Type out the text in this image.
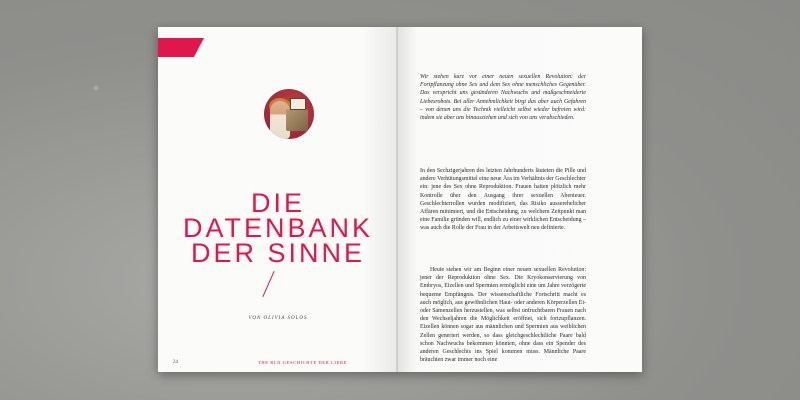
DIE
DATENBANK
DER SINNE
VON OLIVIA SOLOS
24	THE BLN GESCHICHTE DER LIEBE

Wir stehen kurz vor einer neuen sexuellen Revolution: der Fortpflanzung ohne Sex und dem Sex ohne menschliches Gegenüber. Das verspricht uns gesünderen Nachwuchs und maßgeschneiderte Liebesrobots. Bei aller Annehmlichkeit birgt das aber auch Gefahren – von denen uns die Technik vielleicht selbst wieder befreien wird: indem sie aber uns hinausziehen und sich von uns verabschieden.

In den Sechzigerjahren des letzten Jahrhunderts läuteten die Pille und andere Verhütungsmittel eine neue Ära im Verhältnis der Geschlechter ein: jene des Sex ohne Reproduktion. Frauen hatten plötzlich mehr Kontrolle über den Ausgang ihrer sexuellen Abenteuer. Geschlechterrollen wurden modifiziert, das Risiko ausserehelicher Affären minimiert, und die Entscheidung, zu welchem Zeitpunkt man eine Familie gründen will, endlich zu einer wirklichen Entscheidung – was auch die Rolle der Frau in der Arbeitswelt neu definierte.

Heute stehen wir am Beginn einer neuen sexuellen Revolution: jener der Reproduktion ohne Sex. Die Kryokonservierung von Embryos, Eizellen und Spermien ermöglicht eine um Jahre verzögerte bequeme Empfängnis. Der wissenschaftliche Fortschritt macht es auch möglich, aus gewöhnlichen Haut- oder anderen Körperzellen Ei- oder Samenzellen herzustellen, was selbst unfruchtbaren Frauen nach den Wechseljahren die Möglichkeit eröffnet, sich fortzupflanzen. Eizellen können sogar aus männlichen und Spermien aus weiblichen Zellen generiert werden, so dass gleichgeschlechtliche Paare bald schon Nachwuchs bekommen könnten, ohne dass ein Spender des anderen Geschlechts ins Spiel kommen muss. Männliche Paare bräuchten zwar immer noch eine
